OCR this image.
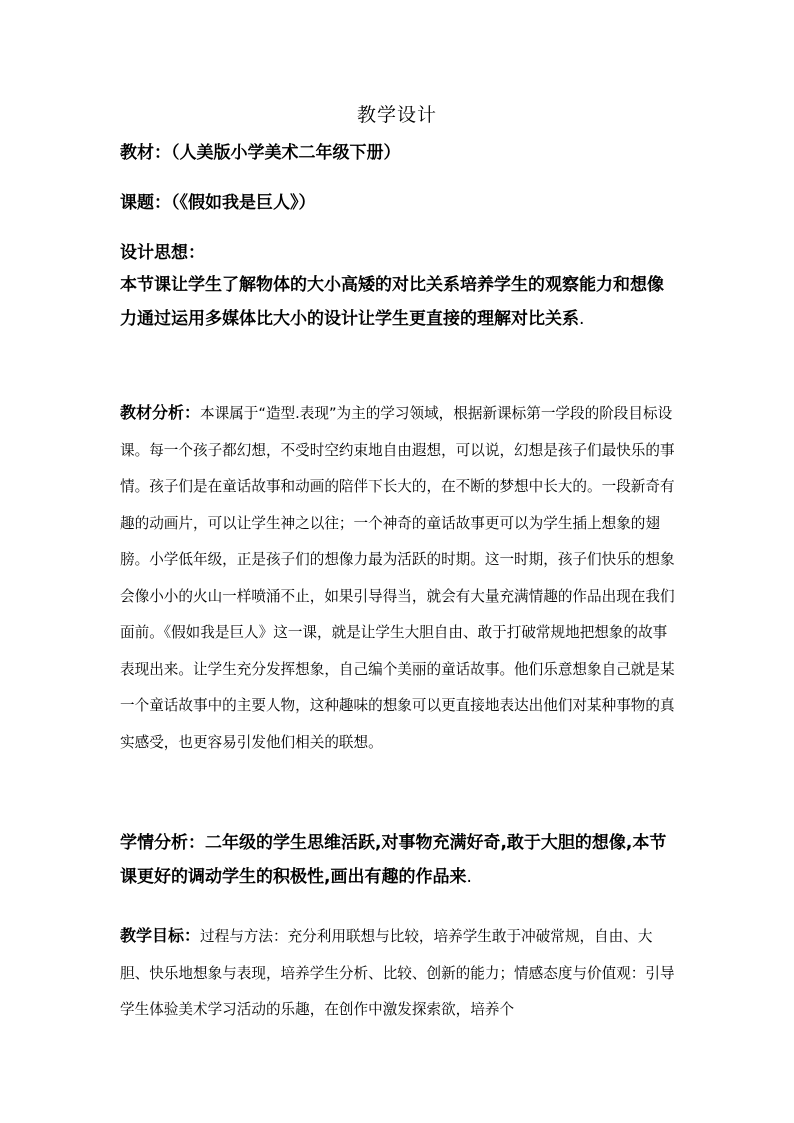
教学设计
教材：（人美版小学美术二年级下册）
课题：（《假如我是巨人》）
设计思想：
本节课让学生了解物体的大小高矮的对比关系培养学生的观察能力和想像力通过运用多媒体比大小的设计让学生更直接的理解对比关系.
教材分析：本课属于“造型.表现”为主的学习领域，根据新课标第一学段的阶段目标设课。每一个孩子都幻想，不受时空约束地自由遐想，可以说，幻想是孩子们最快乐的事情。孩子们是在童话故事和动画的陪伴下长大的，在不断的梦想中长大的。一段新奇有趣的动画片，可以让学生神之以往；一个神奇的童话故事更可以为学生插上想象的翅膀。小学低年级，正是孩子们的想像力最为活跃的时期。这一时期，孩子们快乐的想象会像小小的火山一样喷涌不止，如果引导得当，就会有大量充满情趣的作品出现在我们面前。《假如我是巨人》这一课，就是让学生大胆自由、敢于打破常规地把想象的故事表现出来。让学生充分发挥想象，自己编个美丽的童话故事。他们乐意想象自己就是某一个童话故事中的主要人物，这种趣味的想象可以更直接地表达出他们对某种事物的真实感受，也更容易引发他们相关的联想。
学情分析：二年级的学生思维活跃,对事物充满好奇,敢于大胆的想像,本节课更好的调动学生的积极性,画出有趣的作品来.
教学目标：过程与方法：充分利用联想与比较，培养学生敢于冲破常规，自由、大胆、快乐地想象与表现，培养学生分析、比较、创新的能力；情感态度与价值观：引导学生体验美术学习活动的乐趣，在创作中激发探索欲，培养个
